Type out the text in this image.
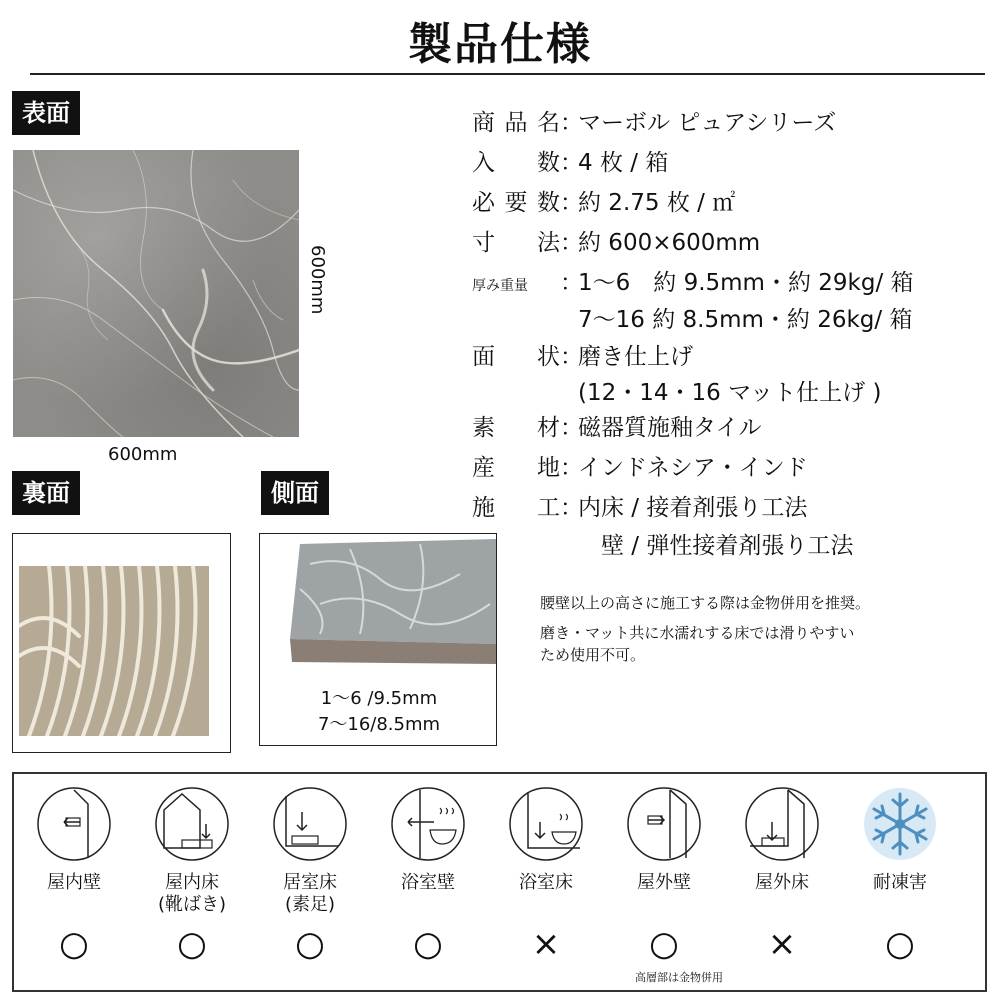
製品仕様
表面
600mm
600mm
裏面	側面
1〜6 /9.5mm
7〜16/8.5mm
商品名：マーボル ピュアシリーズ
入　数：4 枚 / 箱
必要数：約 2.75 枚 / ㎡
寸　法：約 600×600mm
厚み重量 ：1〜6　約 9.5mm・約 29kg/ 箱
7〜16 約 8.5mm・約 26kg/ 箱
面　状：磨き仕上げ
(12・14・16 マット仕上げ )
素　材：磁器質施釉タイル
産　地：インドネシア・インド
施　工：内床 / 接着剤張り工法
　壁 / 弾性接着剤張り工法
腰壁以上の高さに施工する際は金物併用を推奨。
磨き・マット共に水濡れする床では滑りやすい
ため使用不可。
屋内壁
○
屋内床
(靴ばき)
○
居室床
(素足)
○
浴室壁
○
浴室床
×
屋外壁
○
屋外床
×
耐凍害
○
高層部は金物併用
